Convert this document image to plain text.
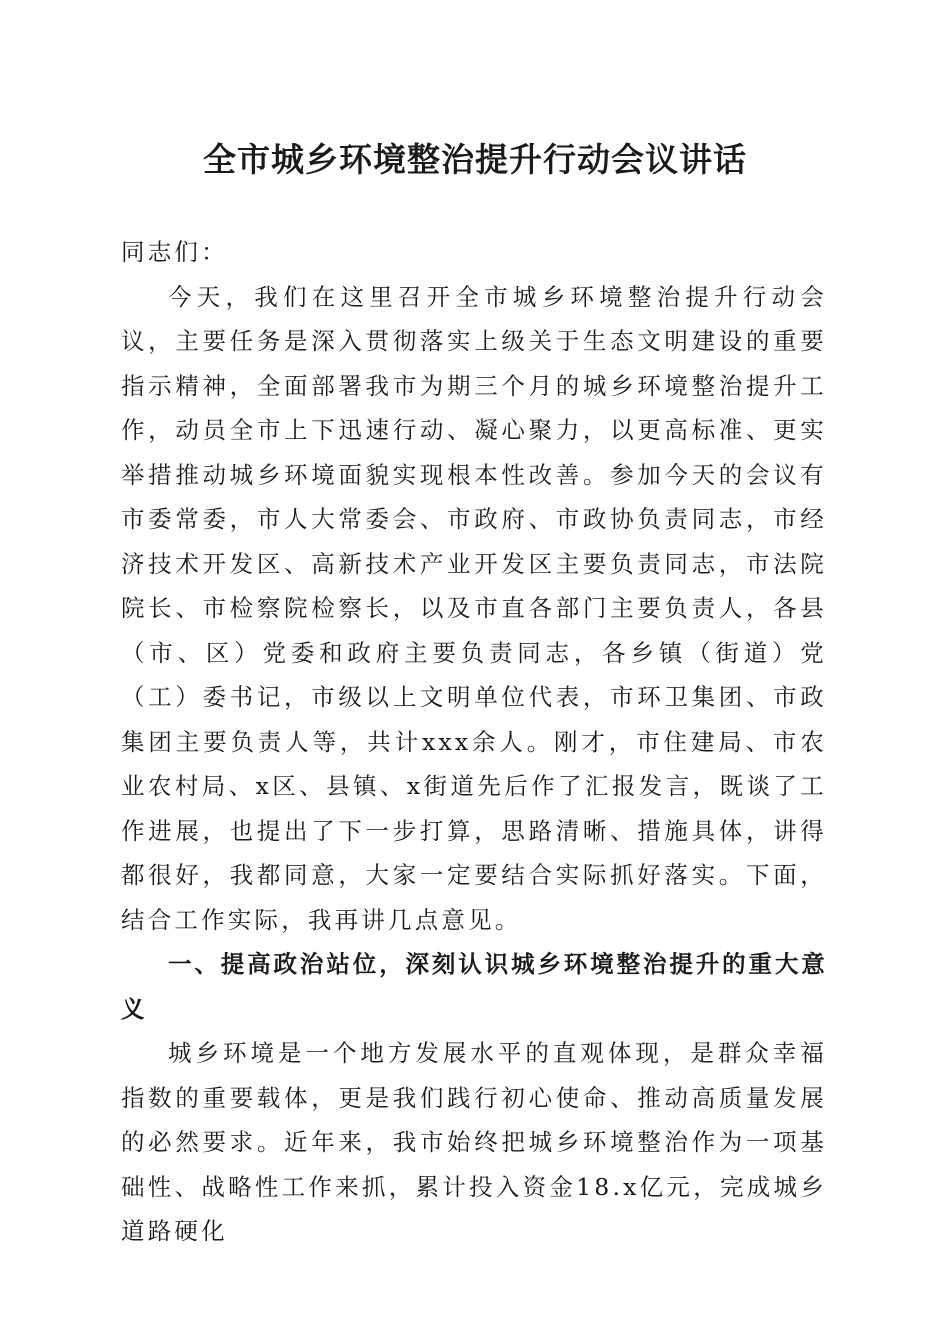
全市城乡环境整治提升行动会议讲话

同志们：

今天，我们在这里召开全市城乡环境整治提升行动会议，主要任务是深入贯彻落实上级关于生态文明建设的重要指示精神，全面部署我市为期三个月的城乡环境整治提升工作，动员全市上下迅速行动、凝心聚力，以更高标准、更实举措推动城乡环境面貌实现根本性改善。参加今天的会议有市委常委，市人大常委会、市政府、市政协负责同志，市经济技术开发区、高新技术产业开发区主要负责同志，市法院院长、市检察院检察长，以及市直各部门主要负责人，各县（市、区）党委和政府主要负责同志，各乡镇（街道）党（工）委书记，市级以上文明单位代表，市环卫集团、市政集团主要负责人等，共计xxx余人。刚才，市住建局、市农业农村局、x区、县镇、x街道先后作了汇报发言，既谈了工作进展，也提出了下一步打算，思路清晰、措施具体，讲得都很好，我都同意，大家一定要结合实际抓好落实。下面，结合工作实际，我再讲几点意见。

一、提高政治站位，深刻认识城乡环境整治提升的重大意义

城乡环境是一个地方发展水平的直观体现，是群众幸福指数的重要载体，更是我们践行初心使命、推动高质量发展的必然要求。近年来，我市始终把城乡环境整治作为一项基础性、战略性工作来抓，累计投入资金18.x亿元，完成城乡道路硬化
